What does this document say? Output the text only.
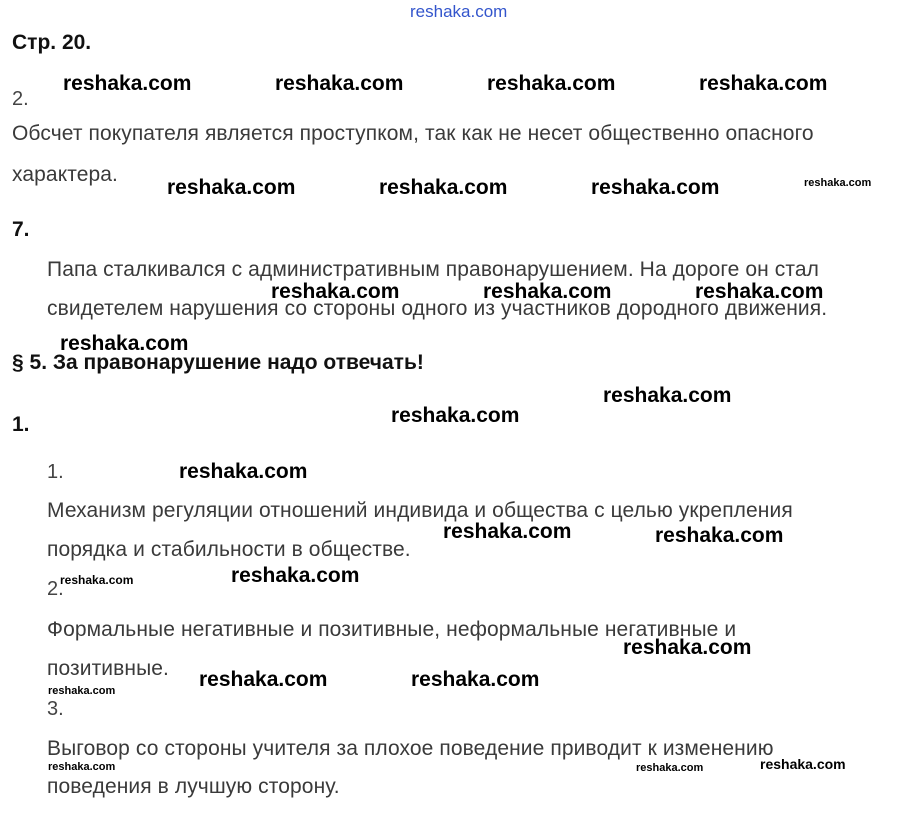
reshaka.com
Стр. 20.
2.
Обсчет покупателя является проступком, так как не несет общественно опасного
характера.
7.
Папа сталкивался с административным правонарушением. На дороге он стал
свидетелем нарушения со стороны одного из участников дородного движения.
§ 5. За правонарушение надо отвечать!
1.
1.
Механизм регуляции отношений индивида и общества с целью укрепления
порядка и стабильности в обществе.
2.
Формальные негативные и позитивные, неформальные негативные и
позитивные.
3.
Выговор со стороны учителя за плохое поведение приводит к изменению
поведения в лучшую сторону.
reshaka.com	reshaka.com	reshaka.com	reshaka.com
reshaka.com	reshaka.com	reshaka.com
reshaka.com	reshaka.com	reshaka.com
reshaka.com
reshaka.com
reshaka.com
reshaka.com
reshaka.com	reshaka.com
reshaka.com
reshaka.com
reshaka.com	reshaka.com
reshaka.com
reshaka.com
reshaka.com
reshaka.com	reshaka.com	reshaka.com
